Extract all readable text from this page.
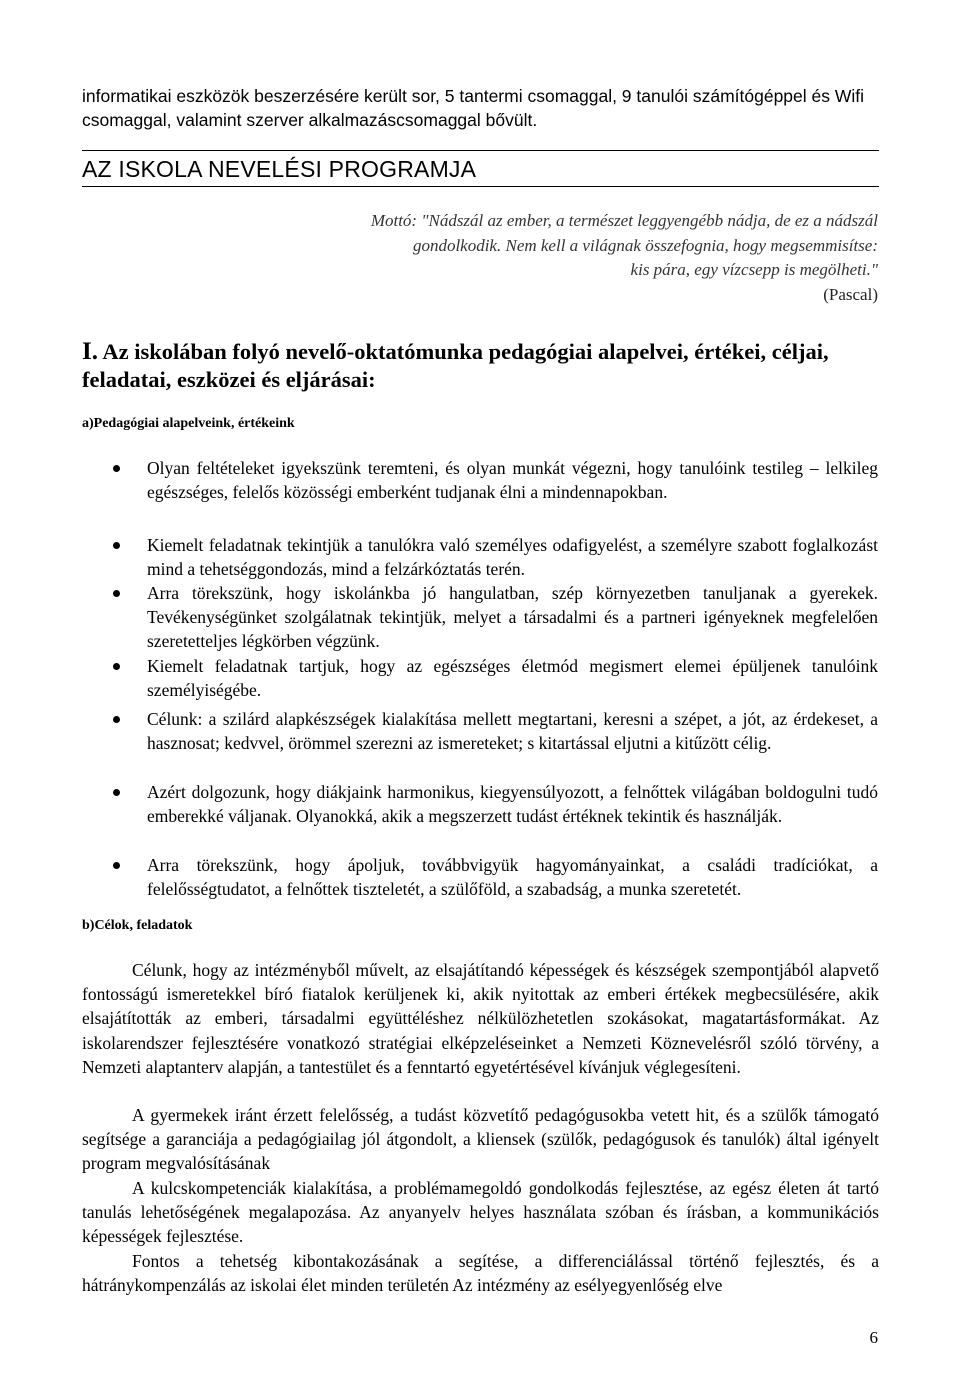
informatikai eszközök beszerzésére került sor, 5 tantermi csomaggal, 9 tanulói számítógéppel és Wifi csomaggal, valamint szerver alkalmazáscsomaggal bővült.

AZ ISKOLA NEVELÉSI PROGRAMJA

Mottó: "Nádszál az ember, a természet leggyengébb nádja, de ez a nádszál
gondolkodik. Nem kell a világnak összefognia, hogy megsemmisítse:
kis pára, egy vízcsepp is megölheti."
(Pascal)
I. Az iskolában folyó nevelő-oktatómunka pedagógiai alapelvei, értékei, céljai, feladatai, eszközei és eljárásai:

a)Pedagógiai alapelveink, értékeink

Olyan feltételeket igyekszünk teremteni, és olyan munkát végezni, hogy tanulóink testileg – lelkileg egészséges, felelős közösségi emberként tudjanak élni a mindennapokban.
Kiemelt feladatnak tekintjük a tanulókra való személyes odafigyelést, a személyre szabott foglalkozást mind a tehetséggondozás, mind a felzárkóztatás terén.
Arra törekszünk, hogy iskolánkba jó hangulatban, szép környezetben tanuljanak a gyerekek. Tevékenységünket szolgálatnak tekintjük, melyet a társadalmi és a partneri igényeknek megfelelően szeretetteljes légkörben végzünk.
Kiemelt feladatnak tartjuk, hogy az egészséges életmód megismert elemei épüljenek tanulóink személyiségébe.
Célunk: a szilárd alapkészségek kialakítása mellett megtartani, keresni a szépet, a jót, az érdekeset, a hasznosat; kedvvel, örömmel szerezni az ismereteket; s kitartással eljutni a kitűzött célig.
Azért dolgozunk, hogy diákjaink harmonikus, kiegyensúlyozott, a felnőttek világában boldogulni tudó emberekké váljanak. Olyanokká, akik a megszerzett tudást értéknek tekintik és használják.
Arra törekszünk, hogy ápoljuk, továbbvigyük hagyományainkat, a családi tradíciókat, a felelősségtudatot, a felnőttek tiszteletét, a szülőföld, a szabadság, a munka szeretetét.

b)Célok, feladatok

Célunk, hogy az intézményből művelt, az elsajátítandó képességek és készségek szempontjából alapvető fontosságú ismeretekkel bíró fiatalok kerüljenek ki, akik nyitottak az emberi értékek megbecsülésére, akik elsajátították az emberi, társadalmi együttéléshez nélkülözhetetlen szokásokat, magatartásformákat. Az iskolarendszer fejlesztésére vonatkozó stratégiai elképzeléseinket a Nemzeti Köznevelésről szóló törvény, a Nemzeti alaptanterv alapján, a tantestület és a fenntartó egyetértésével kívánjuk véglegesíteni.

A gyermekek iránt érzett felelősség, a tudást közvetítő pedagógusokba vetett hit, és a szülők támogató segítsége a garanciája a pedagógiailag jól átgondolt, a kliensek (szülők, pedagógusok és tanulók) által igényelt program megvalósításának

A kulcskompetenciák kialakítása, a problémamegoldó gondolkodás fejlesztése, az egész életen át tartó tanulás lehetőségének megalapozása. Az anyanyelv helyes használata szóban és írásban, a kommunikációs képességek fejlesztése.

Fontos a tehetség kibontakozásának a segítése, a differenciálással történő fejlesztés, és a hátránykompenzálás az iskolai élet minden területén Az intézmény az esélyegyenlőség elve

6
